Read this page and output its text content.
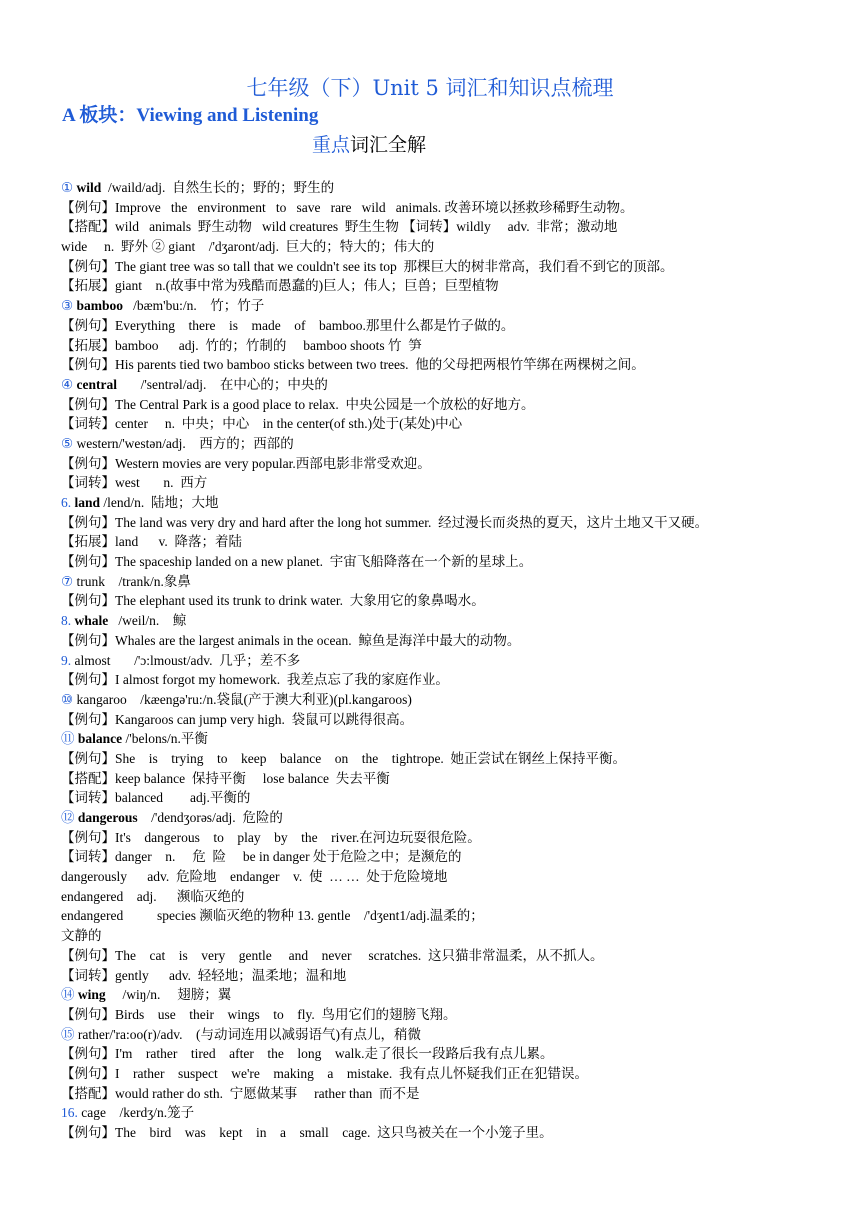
七年级（下）Unit 5 词汇和知识点梳理
A 板块：Viewing and Listening
重点词汇全解
① wild  /waild/adj.  自然生长的；野的；野生的
【例句】Improve   the   environment   to   save   rare   wild   animals. 改善环境以拯救珍稀野生动物。
【搭配】wild   animals  野生动物   wild creatures  野生生物 【词转】wildly     adv.  非常；激动地
wide     n.  野外 ② giant    /'dʒaront/adj.  巨大的；特大的；伟大的
【例句】The giant tree was so tall that we couldn't see its top  那棵巨大的树非常高，我们看不到它的顶部。
【拓展】giant    n.(故事中常为残酷而愚蠢的)巨人；伟人；巨兽；巨型植物
③ bamboo   /bæm'bu:/n.    竹；竹子
【例句】Everything    there    is    made    of    bamboo.那里什么都是竹子做的。
【拓展】bamboo      adj.  竹的；竹制的     bamboo shoots 竹  笋
【例句】His parents tied two bamboo sticks between two trees.  他的父母把两根竹竿绑在两棵树之间。
④ central       /'sentrəl/adj.    在中心的；中央的
【例句】The Central Park is a good place to relax.  中央公园是一个放松的好地方。
【词转】center     n.  中央；中心    in the center(of sth.)处于(某处)中心
⑤ western/'westən/adj.    西方的；西部的
【例句】Western movies are very popular.西部电影非常受欢迎。
【词转】west       n.  西方
6. land /lend/n.  陆地；大地
【例句】The land was very dry and hard after the long hot summer.  经过漫长而炎热的夏天，这片土地又干又硬。
【拓展】land      v.  降落；着陆
【例句】The spaceship landed on a new planet.  宇宙飞船降落在一个新的星球上。
⑦ trunk    /trank/n.象鼻
【例句】The elephant used its trunk to drink water.  大象用它的象鼻喝水。
8. whale   /weil/n.    鲸
【例句】Whales are the largest animals in the ocean.  鲸鱼是海洋中最大的动物。
9. almost       /'ɔ:lmoust/adv.  几乎；差不多
【例句】I almost forgot my homework.  我差点忘了我的家庭作业。
⑩ kangaroo    /kæengə'ru:/n.袋鼠(产于澳大利亚)(pl.kangaroos)
【例句】Kangaroos can jump very high.  袋鼠可以跳得很高。
⑪ balance /'belons/n.平衡
【例句】She    is    trying    to    keep    balance    on    the    tightrope.  她正尝试在钢丝上保持平衡。
【搭配】keep balance  保持平衡     lose balance  失去平衡
【词转】balanced        adj.平衡的
⑫ dangerous    /'dendʒorəs/adj.  危险的
【例句】It's    dangerous    to    play    by    the    river.在河边玩耍很危险。
【词转】danger    n.     危  险     be in danger 处于危险之中；是濒危的
dangerously      adv.  危险地    endanger    v.  使  … …  处于危险境地
endangered    adj.      濒临灭绝的
endangered          species 濒临灭绝的物种 13. gentle    /'dʒent1/adj.温柔的；
文静的
【例句】The    cat    is    very    gentle     and    never     scratches.  这只猫非常温柔，从不抓人。
【词转】gently      adv.  轻轻地；温柔地；温和地
⑭ wing     /wiŋ/n.     翅膀；翼
【例句】Birds    use    their    wings    to    fly.  鸟用它们的翅膀飞翔。
⑮ rather/'ra:oo(r)/adv.    (与动词连用以减弱语气)有点儿，稍微
【例句】I'm    rather    tired    after    the    long    walk.走了很长一段路后我有点儿累。
【例句】I    rather    suspect    we're    making    a    mistake.  我有点儿怀疑我们正在犯错误。
【搭配】would rather do sth.  宁愿做某事     rather than  而不是
16. cage    /kerdʒ/n.笼子
【例句】The    bird    was    kept    in    a    small    cage.  这只鸟被关在一个小笼子里。
